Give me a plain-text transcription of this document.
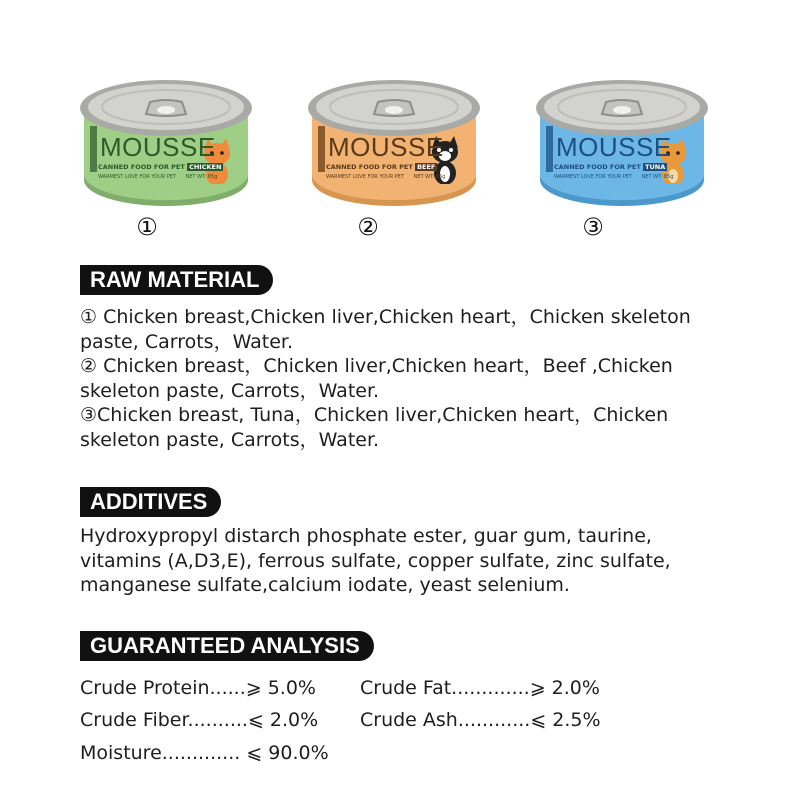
MOUSSE
CANNED FOOD FOR PET CHICKEN
WARMEST LOVE FOR YOUR PET NET WT: 85g
MOUSSE
CANNED FOOD FOR PET BEEF
WARMEST LOVE FOR YOUR PET NET WT: 85g
MOUSSE
CANNED FOOD FOR PET TUNA
WARMEST LOVE FOR YOUR PET NET WT: 85g
①	②	③
RAW MATERIAL

① Chicken breast,Chicken liver,Chicken heart，Chicken skeleton paste, Carrots，Water.

② Chicken breast，Chicken liver,Chicken heart，Beef ,Chicken skeleton paste, Carrots，Water.

③Chicken breast, Tuna，Chicken liver,Chicken heart，Chicken skeleton paste, Carrots，Water.

ADDITIVES
Hydroxypropyl distarch phosphate ester, guar gum, taurine, vitamins (A,D3,E), ferrous sulfate, copper sulfate, zinc sulfate, manganese sulfate,calcium iodate, yeast selenium.
GUARANTEED ANALYSIS
Crude Protein......⩾ 5.0% Crude Fat.............⩾ 2.0%
Crude Fiber..........⩽ 2.0% Crude Ash............⩽ 2.5%
Moisture............. ⩽ 90.0%
